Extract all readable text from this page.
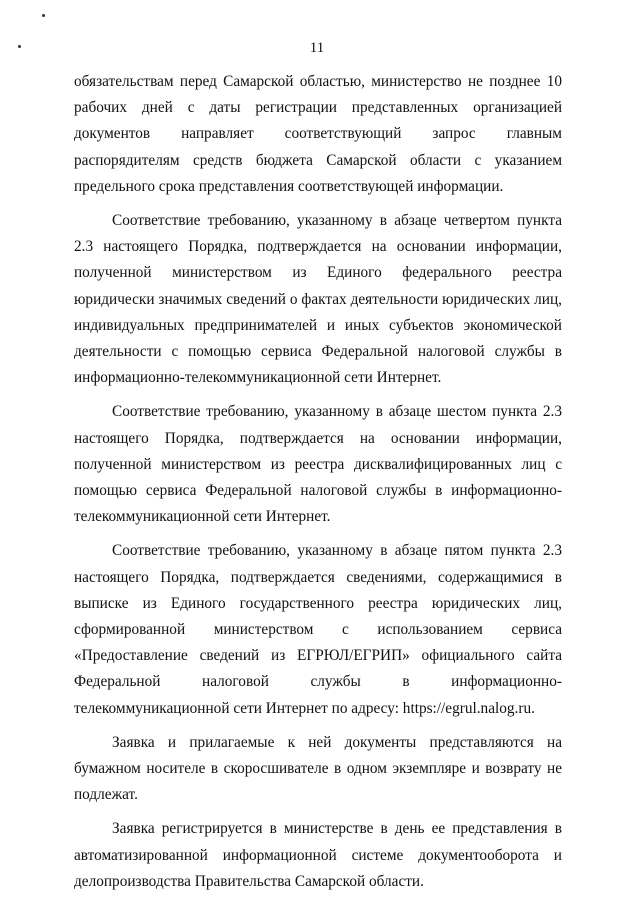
11

обязательствам перед Самарской областью, министерство не позднее 10 рабочих дней с даты регистрации представленных организацией документов направляет соответствующий запрос главным распорядителям средств бюджета Самарской области с указанием предельного срока представления соответствующей информации.

Соответствие требованию, указанному в абзаце четвертом пункта 2.3 настоящего Порядка, подтверждается на основании информации, полученной министерством из Единого федерального реестра юридически значимых сведений о фактах деятельности юридических лиц, индивидуальных предпринимателей и иных субъектов экономической деятельности с помощью сервиса Федеральной налоговой службы в информационно-телекоммуникационной сети Интернет.

Соответствие требованию, указанному в абзаце шестом пункта 2.3 настоящего Порядка, подтверждается на основании информации, полученной министерством из реестра дисквалифицированных лиц с помощью сервиса Федеральной налоговой службы в информационно-телекоммуникационной сети Интернет.

Соответствие требованию, указанному в абзаце пятом пункта 2.3 настоящего Порядка, подтверждается сведениями, содержащимися в выписке из Единого государственного реестра юридических лиц, сформированной министерством с использованием сервиса «Предоставление сведений из ЕГРЮЛ/ЕГРИП» официального сайта Федеральной налоговой службы в информационно-телекоммуникационной сети Интернет по адресу: https://egrul.nalog.ru.

Заявка и прилагаемые к ней документы представляются на бумажном носителе в скоросшивателе в одном экземпляре и возврату не подлежат.

Заявка регистрируется в министерстве в день ее представления в автоматизированной информационной системе документооборота и делопроизводства Правительства Самарской области.
